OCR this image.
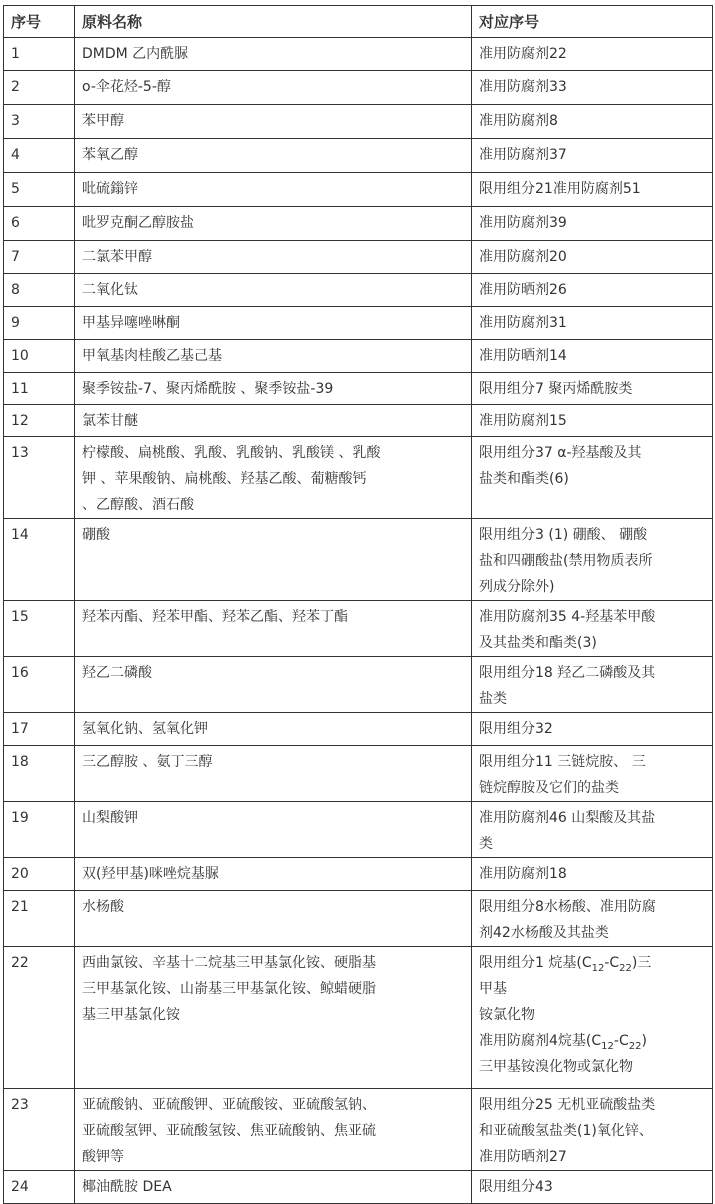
序号	原料名称	对应序号
1	DMDM 乙内酰脲	准用防腐剂22

2	o-伞花烃-5-醇	准用防腐剂33

3	苯甲醇	准用防腐剂8

4	苯氧乙醇	准用防腐剂37

5	吡硫鎓锌	限用组分21准用防腐剂51

6	吡罗克酮乙醇胺盐	准用防腐剂39

7	二氯苯甲醇	准用防腐剂20

8	二氧化钛	准用防晒剂26

9	甲基异噻唑啉酮	准用防腐剂31

10	甲氧基肉桂酸乙基己基	准用防晒剂14

11	聚季铵盐-7、聚丙烯酰胺 、聚季铵盐-39	限用组分7 聚丙烯酰胺类

12	氯苯甘醚	准用防腐剂15

13	柠檬酸、扁桃酸、乳酸、乳酸钠、乳酸镁 、乳酸
钾 、苹果酸钠、扁桃酸、羟基乙酸、葡糖酸钙
、乙醇酸、酒石酸	限用组分37 α-羟基酸及其
盐类和酯类(6)

14	硼酸	限用组分3 (1) 硼酸、 硼酸
盐和四硼酸盐(禁用物质表所
列成分除外)

15	羟苯丙酯、羟苯甲酯、羟苯乙酯、羟苯丁酯	准用防腐剂35 4-羟基苯甲酸
及其盐类和酯类(3)

16	羟乙二磷酸	限用组分18 羟乙二磷酸及其
盐类

17	氢氧化钠、氢氧化钾	限用组分32

18	三乙醇胺 、氨丁三醇	限用组分11 三链烷胺、 三
链烷醇胺及它们的盐类

19	山梨酸钾	准用防腐剂46 山梨酸及其盐
类

20	双(羟甲基)咪唑烷基脲	准用防腐剂18

21	水杨酸	限用组分8水杨酸、准用防腐
剂42水杨酸及其盐类

22	西曲氯铵、辛基十二烷基三甲基氯化铵、硬脂基
三甲基氯化铵、山嵛基三甲基氯化铵、鲸蜡硬脂
基三甲基氯化铵	限用组分1 烷基$(C_{12}-C_{22})$三
甲基
铵氯化物
准用防腐剂4烷基$(C_{12}-C_{22})$
三甲基铵溴化物或氯化物

23	亚硫酸钠、亚硫酸钾、亚硫酸铵、亚硫酸氢钠、
亚硫酸氢钾、亚硫酸氢铵、焦亚硫酸钠、焦亚硫
酸钾等	限用组分25 无机亚硫酸盐类
和亚硫酸氢盐类(1)氧化锌、
准用防晒剂27

24	椰油酰胺 DEA	限用组分43
